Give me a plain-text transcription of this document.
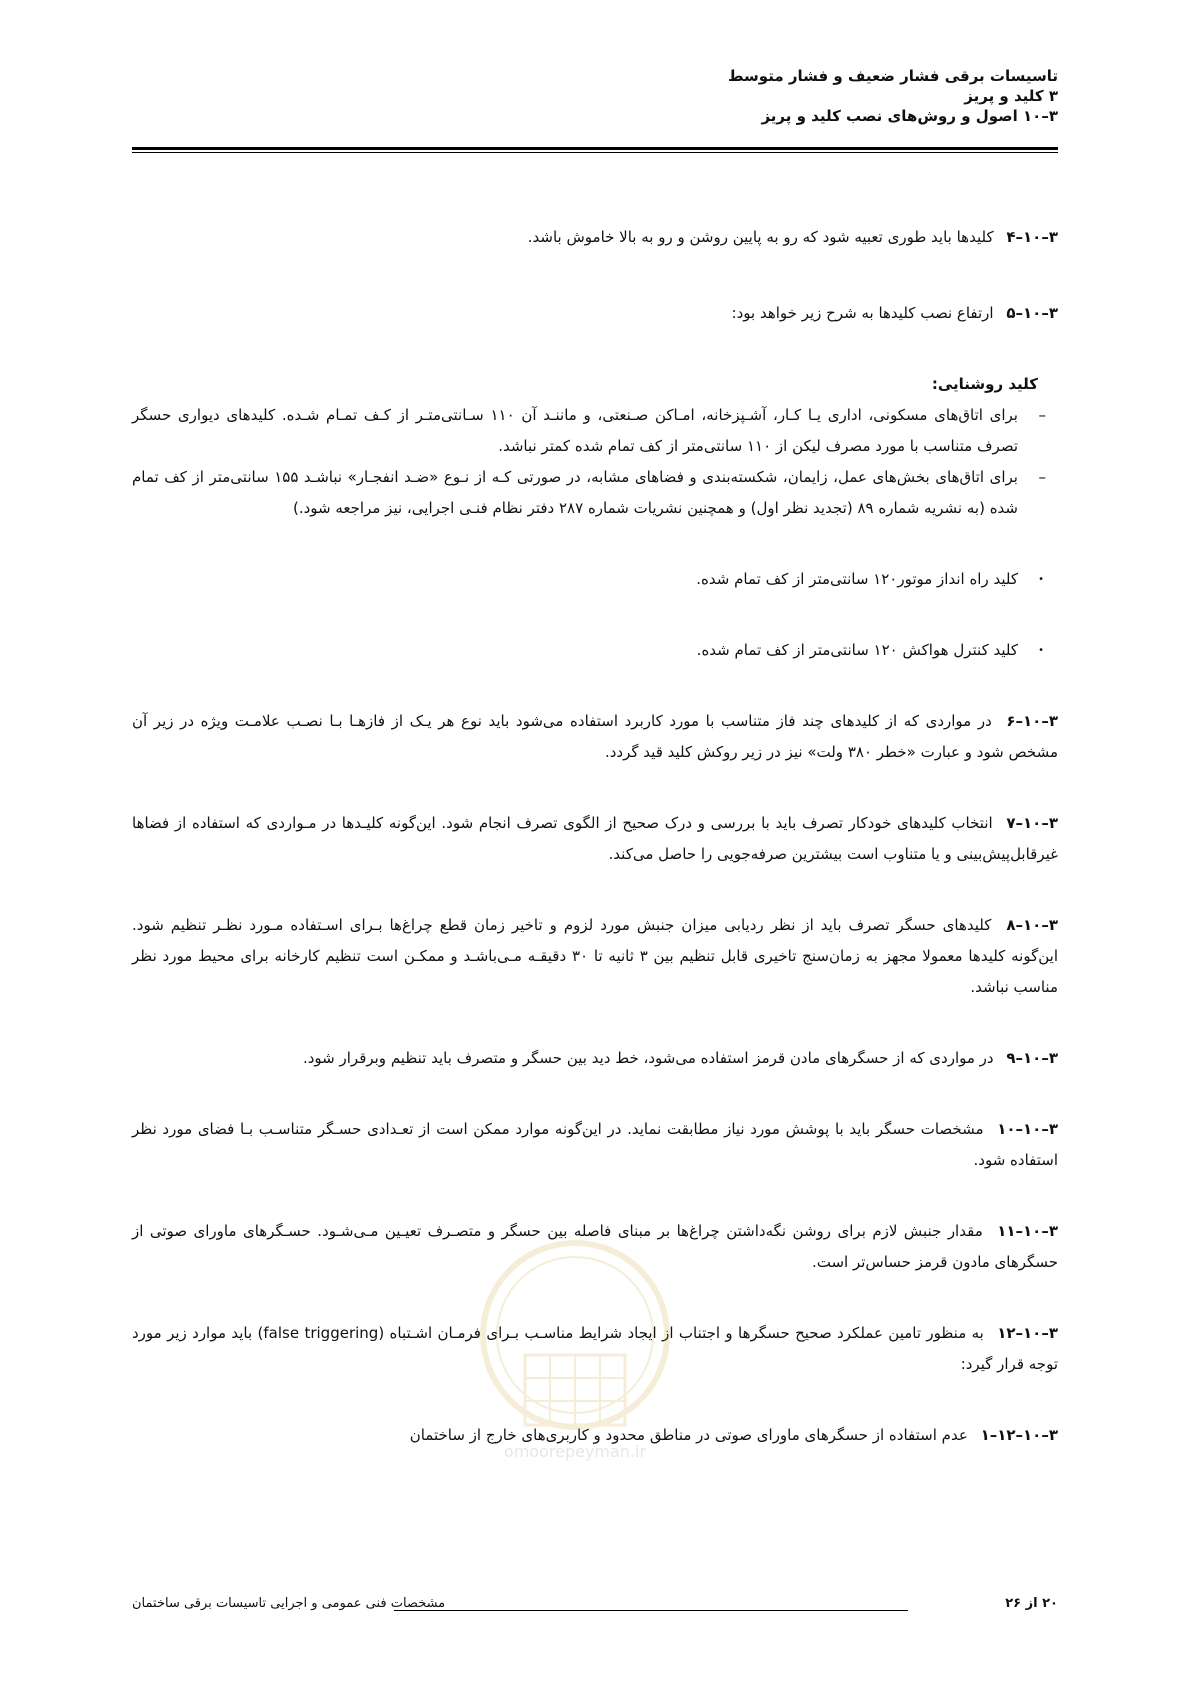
تاسیسات برقی فشار ضعیف و فشار متوسط
۳ کلید و پریز
۳–۱۰ اصول و روش‌های نصب کلید و پریز
۳–۱۰–۴ کلیدها باید طوری تعبیه شود که رو به پایین روشن و رو به بالا خاموش باشد.
۳–۱۰–۵ ارتفاع نصب کلیدها به شرح زیر خواهد بود:
کلید روشنایی:
–
برای اتاق‌های مسکونی، اداری یـا کـار، آشـپزخانه، امـاکن صـنعتی، و ماننـد آن ۱۱۰ سـانتی‌متـر از کـف تمـام شـده. کلیدهای دیواری حسگر تصرف متناسب با مورد مصرف لیکن از ۱۱۰ سانتی‌متر از کف تمام شده کمتر نباشد.
–
برای اتاق‌های بخش‌های عمل، زایمان، شکسته‌بندی و فضاهای مشابه، در صورتی کـه از نـوع «ضـد انفجـار» نباشـد ۱۵۵ سانتی‌متر از کف تمام شده (به نشریه شماره ۸۹ (تجدید نظر اول) و همچنین نشریات شماره ۲۸۷ دفتر نظام فنـی اجرایی، نیز مراجعه شود.)
•
کلید راه انداز موتور۱۲۰ سانتی‌متر از کف تمام شده.
•
کلید کنترل هواکش ۱۲۰ سانتی‌متر از کف تمام شده.
۳–۱۰–۶ در مواردی که از کلیدهای چند فاز متناسب با مورد کاربرد استفاده می‌شود باید نوع هر یـک از فازهـا بـا نصـب علامـت ویژه در زیر آن مشخص شود و عبارت «خطر ۳۸۰ ولت» نیز در زیر روکش کلید قید گردد.
۳–۱۰–۷ انتخاب کلیدهای خودکار تصرف باید با بررسی و درک صحیح از الگوی تصرف انجام شود. این‌گونه کلیـدها در مـواردی که استفاده از فضاها غیرقابل‌پیش‌بینی و یا متناوب است بیشترین صرفه‌جویی را حاصل می‌کند.
۳–۱۰–۸ کلیدهای حسگر تصرف باید از نظر ردیابی میزان جنبش مورد لزوم و تاخیر زمان قطع چراغ‌ها بـرای اسـتفاده مـورد نظـر تنظیم شود. این‌گونه کلیدها معمولا مجهز به زمان‌سنج تاخیری قابل تنظیم بین ۳ ثانیه تا ۳۰ دقیقـه مـی‌باشـد و ممکـن است تنظیم کارخانه برای محیط مورد نظر مناسب نباشد.
۳–۱۰–۹ در مواردی که از حسگرهای مادن قرمز استفاده می‌شود، خط دید بین حسگر و متصرف باید تنظیم وبرقرار شود.
۳–۱۰–۱۰ مشخصات حسگر باید با پوشش مورد نیاز مطابقت نماید. در این‌گونه موارد ممکن است از تعـدادی حسـگر متناسـب بـا فضای مورد نظر استفاده شود.
۳–۱۰–۱۱ مقدار جنبش لازم برای روشن نگه‌داشتن چراغ‌ها بر مبنای فاصله بین حسگر و متصـرف تعیـین مـی‌شـود. حسـگرهای ماورای صوتی از حسگرهای مادون قرمز حساس‌تر است.
۳–۱۰–۱۲ به منظور تامین عملکرد صحیح حسگرها و اجتناب از ایجاد شرایط مناسـب بـرای فرمـان اشـتباه (false triggering) باید موارد زیر مورد توجه قرار گیرد:
۳–۱۰–۱۲–۱ عدم استفاده از حسگرهای ماورای صوتی در مناطق محدود و کاربری‌های خارج از ساختمان
omoorepeyman.ir
۲۰ از ۲۶
مشخصات فنی عمومی و اجرایی تاسیسات برقی ساختمان
